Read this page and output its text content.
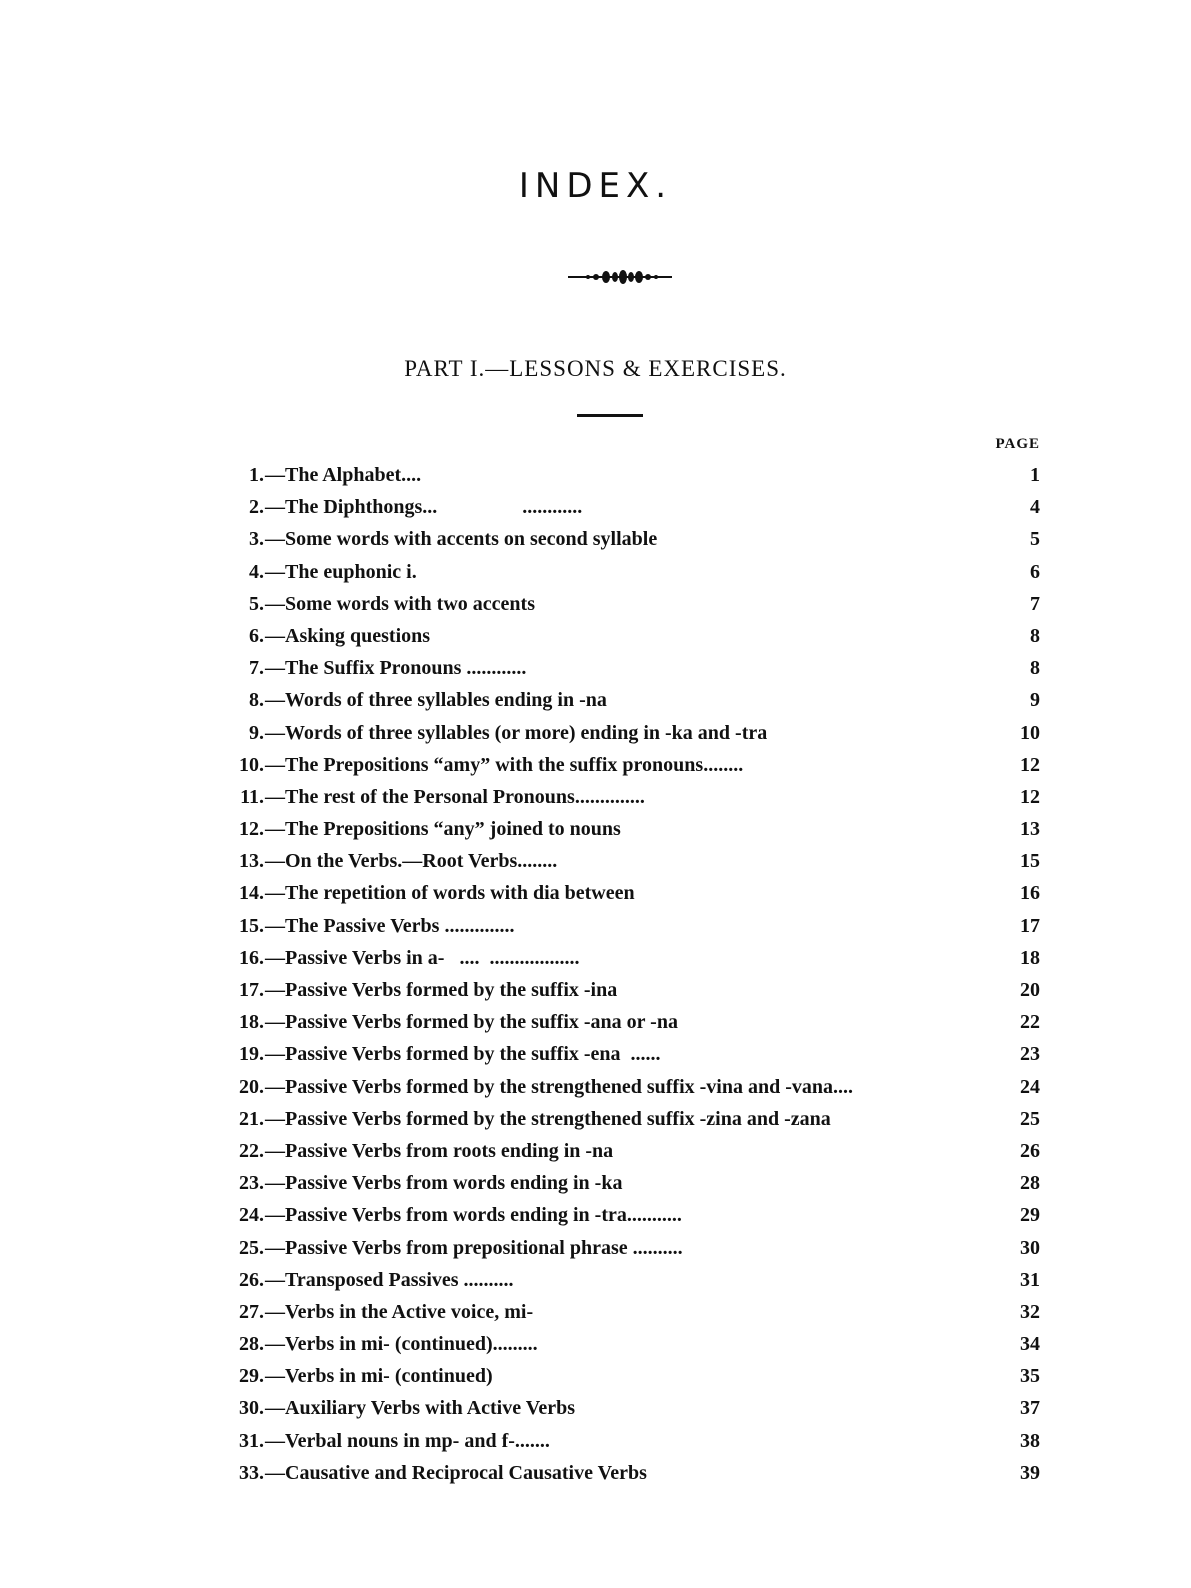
INDEX.
PART I.—LESSONS & EXERCISES.
PAGE
1. —The Alphabet....	1
2. —The Diphthongs...                 ............	4
3. —Some words with accents on second syllable	5
4. —The euphonic i.	6
5. —Some words with two accents	7
6. —Asking questions	8
7. —The Suffix Pronouns ............	8
8. —Words of three syllables ending in -na	9
9. —Words of three syllables (or more) ending in -ka and -tra	10
10. —The Prepositions “amy” with the suffix pronouns........	12
11. —The rest of the Personal Pronouns..............	12
12. —The Prepositions “any” joined to nouns	13
13. —On the Verbs.—Root Verbs........	15
14. —The repetition of words with dia between	16
15. —The Passive Verbs ..............	17
16. —Passive Verbs in a-   ....  ..................	18
17. —Passive Verbs formed by the suffix -ina	20
18. —Passive Verbs formed by the suffix -ana or -na	22
19. —Passive Verbs formed by the suffix -ena  ......	23
20. —Passive Verbs formed by the strengthened suffix -vina and -vana....	24
21. —Passive Verbs formed by the strengthened suffix -zina and -zana	25
22. —Passive Verbs from roots ending in -na	26
23. —Passive Verbs from words ending in -ka	28
24. —Passive Verbs from words ending in -tra...........	29
25. —Passive Verbs from prepositional phrase ..........	30
26. —Transposed Passives ..........	31
27. —Verbs in the Active voice, mi-	32
28. —Verbs in mi- (continued).........	34
29. —Verbs in mi- (continued)	35
30. —Auxiliary Verbs with Active Verbs	37
31. —Verbal nouns in mp- and f-.......	38
33. —Causative and Reciprocal Causative Verbs	39
